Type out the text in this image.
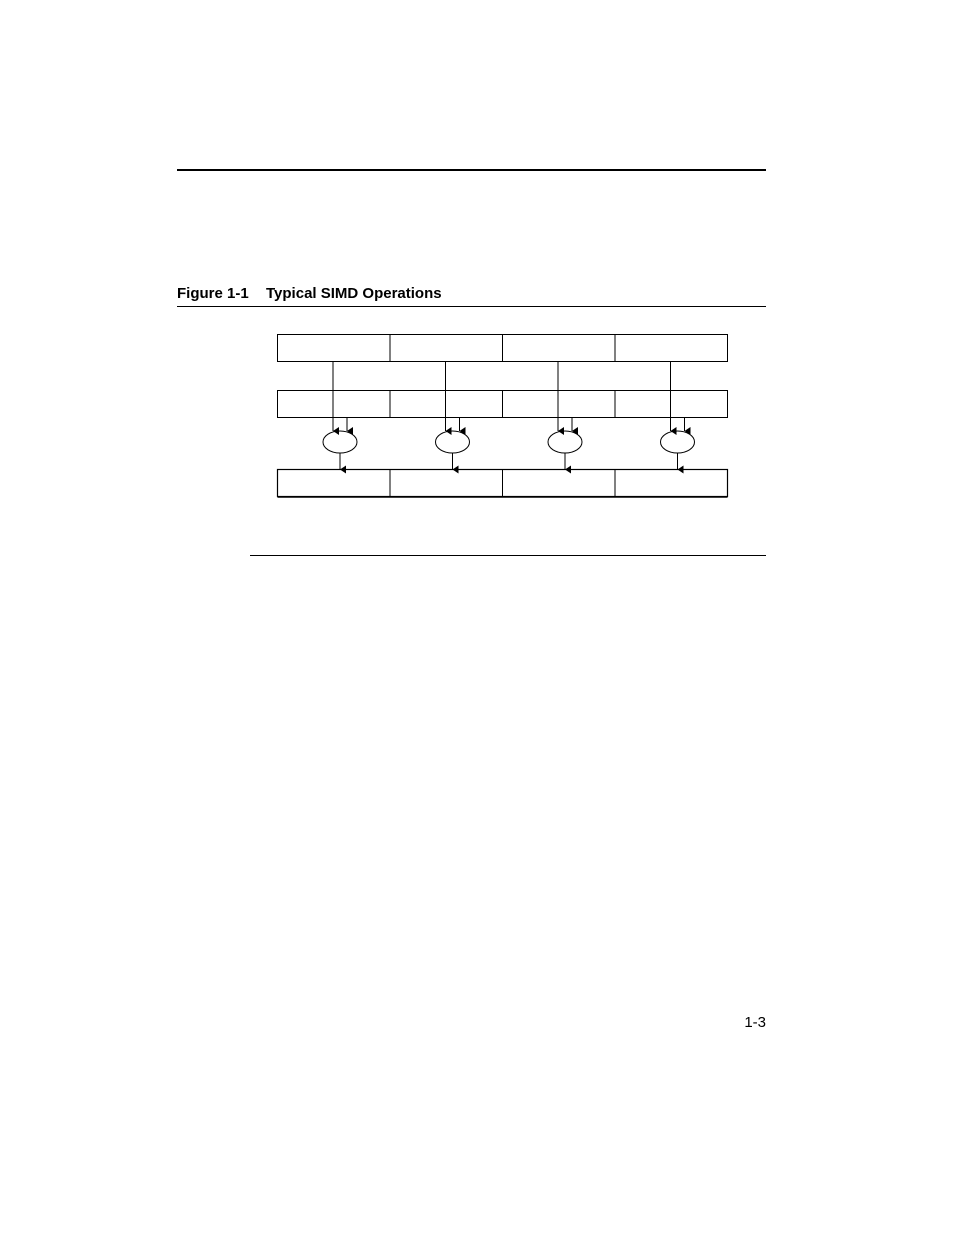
Figure 1-1 Typical SIMD Operations
1-3
